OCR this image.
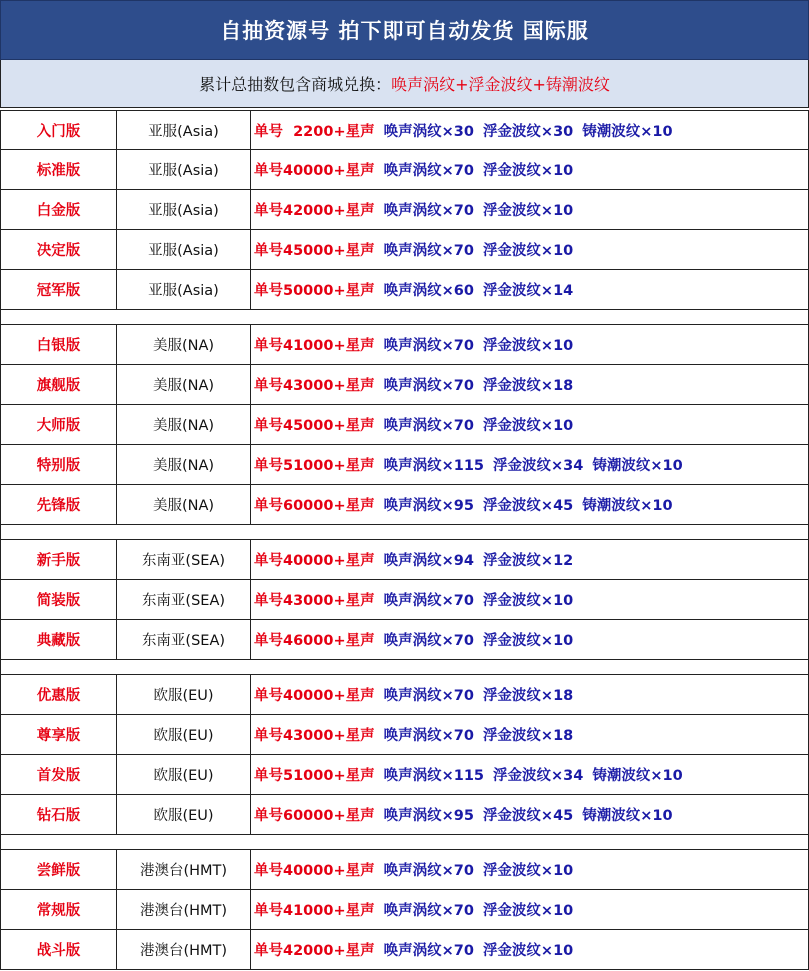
自抽资源号 拍下即可自动发货 国际服
累计总抽数包含商城兑换： 唤声涡纹+浮金波纹+铸潮波纹
入门版	亚服(Asia)	单号  2200+星声 唤声涡纹×30 浮金波纹×30 铸潮波纹×10
标准版	亚服(Asia)	单号40000+星声 唤声涡纹×70 浮金波纹×10
白金版	亚服(Asia)	单号42000+星声 唤声涡纹×70 浮金波纹×10
决定版	亚服(Asia)	单号45000+星声 唤声涡纹×70 浮金波纹×10
冠军版	亚服(Asia)	单号50000+星声 唤声涡纹×60 浮金波纹×14
白银版	美服(NA)	单号41000+星声 唤声涡纹×70 浮金波纹×10
旗舰版	美服(NA)	单号43000+星声 唤声涡纹×70 浮金波纹×18
大师版	美服(NA)	单号45000+星声 唤声涡纹×70 浮金波纹×10
特别版	美服(NA)	单号51000+星声 唤声涡纹×115 浮金波纹×34 铸潮波纹×10
先锋版	美服(NA)	单号60000+星声 唤声涡纹×95 浮金波纹×45 铸潮波纹×10
新手版	东南亚(SEA)	单号40000+星声 唤声涡纹×94 浮金波纹×12
简装版	东南亚(SEA)	单号43000+星声 唤声涡纹×70 浮金波纹×10
典藏版	东南亚(SEA)	单号46000+星声 唤声涡纹×70 浮金波纹×10
优惠版	欧服(EU)	单号40000+星声 唤声涡纹×70 浮金波纹×18
尊享版	欧服(EU)	单号43000+星声 唤声涡纹×70 浮金波纹×18
首发版	欧服(EU)	单号51000+星声 唤声涡纹×115 浮金波纹×34 铸潮波纹×10
钻石版	欧服(EU)	单号60000+星声 唤声涡纹×95 浮金波纹×45 铸潮波纹×10
尝鲜版	港澳台(HMT)	单号40000+星声 唤声涡纹×70 浮金波纹×10
常规版	港澳台(HMT)	单号41000+星声 唤声涡纹×70 浮金波纹×10
战斗版	港澳台(HMT)	单号42000+星声 唤声涡纹×70 浮金波纹×10
